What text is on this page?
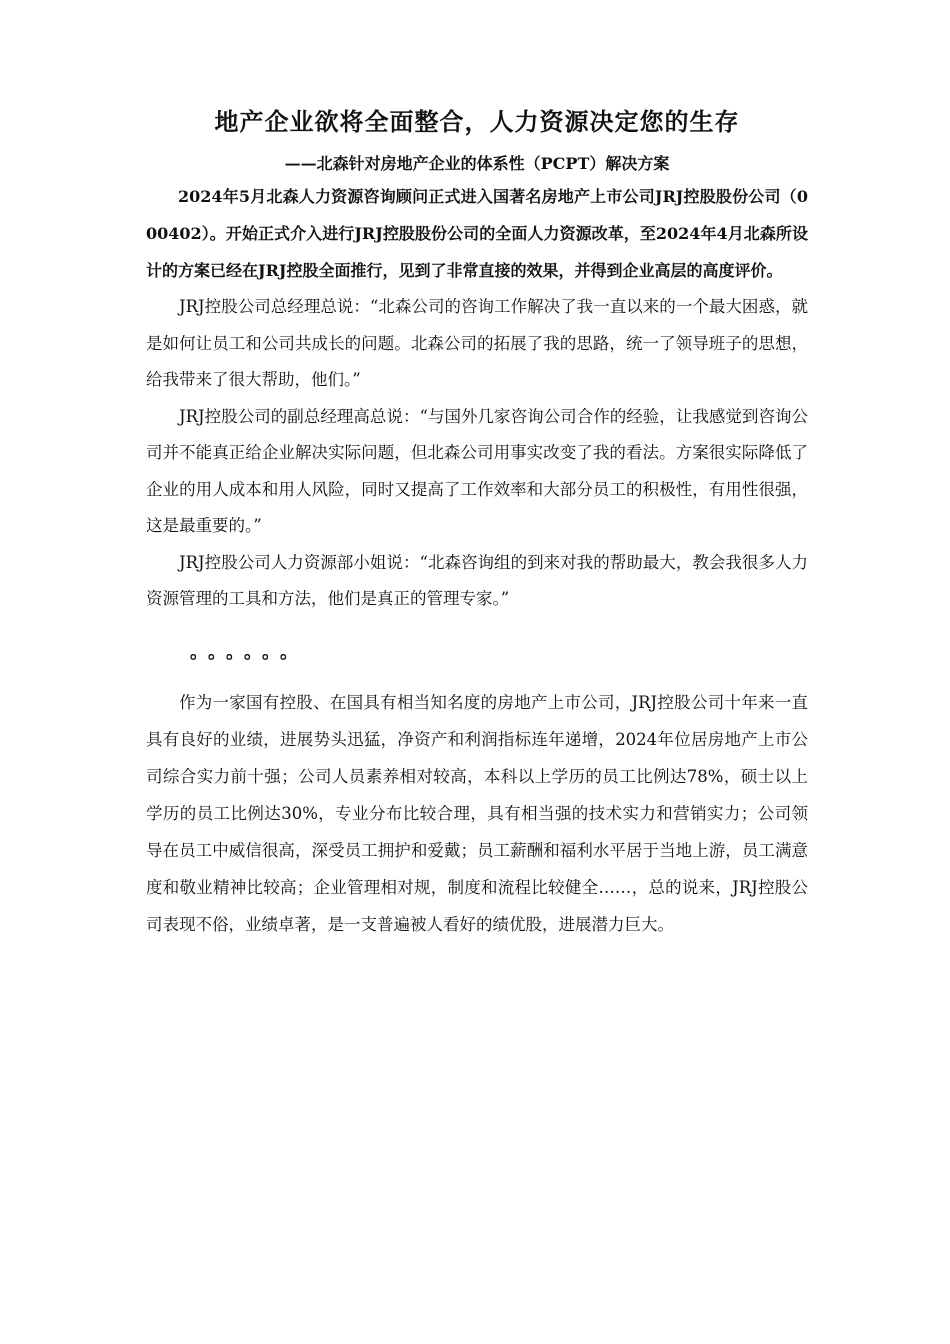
地产企业欲将全面整合，人力资源决定您的生存

——北森针对房地产企业的体系性（PCPT）解决方案

2024年5月北森人力资源咨询顾问正式进入国著名房地产上市公司JRJ控股股份公司（000402）。开始正式介入进行JRJ控股股份公司的全面人力资源改革，至2024年4月北森所设计的方案已经在JRJ控股全面推行，见到了非常直接的效果，并得到企业高层的高度评价。

JRJ控股公司总经理总说：“北森公司的咨询工作解决了我一直以来的一个最大困惑，就是如何让员工和公司共成长的问题。北森公司的拓展了我的思路，统一了领导班子的思想，给我带来了很大帮助，他们。”

JRJ控股公司的副总经理高总说：“与国外几家咨询公司合作的经验，让我感觉到咨询公司并不能真正给企业解决实际问题，但北森公司用事实改变了我的看法。方案很实际降低了企业的用人成本和用人风险，同时又提高了工作效率和大部分员工的积极性，有用性很强，这是最重要的。”

JRJ控股公司人力资源部小姐说：“北森咨询组的到来对我的帮助最大，教会我很多人力资源管理的工具和方法，他们是真正的管理专家。”

。。。。。。

作为一家国有控股、在国具有相当知名度的房地产上市公司，JRJ控股公司十年来一直具有良好的业绩，进展势头迅猛，净资产和利润指标连年递增，2024年位居房地产上市公司综合实力前十强；公司人员素养相对较高，本科以上学历的员工比例达78%，硕士以上学历的员工比例达30%，专业分布比较合理，具有相当强的技术实力和营销实力；公司领导在员工中威信很高，深受员工拥护和爱戴；员工薪酬和福利水平居于当地上游，员工满意度和敬业精神比较高；企业管理相对规，制度和流程比较健全……，总的说来，JRJ控股公司表现不俗，业绩卓著，是一支普遍被人看好的绩优股，进展潜力巨大。
